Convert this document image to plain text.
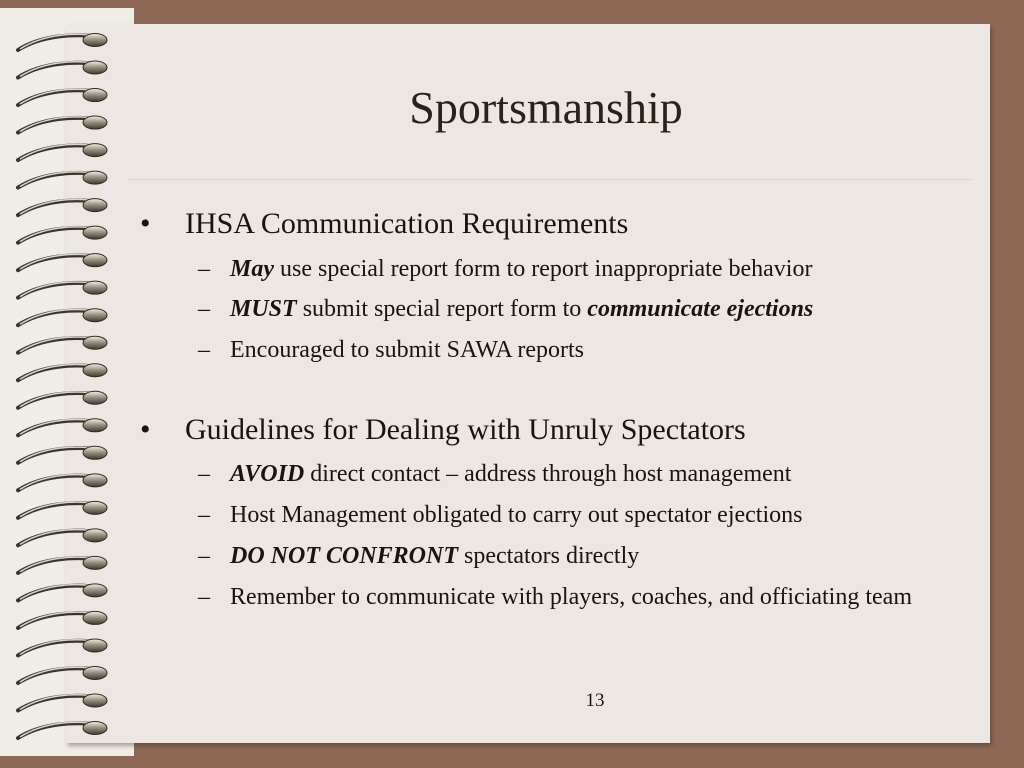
Sportsmanship
•	IHSA Communication Requirements
– May use special report form to report inappropriate behavior
– MUST submit special report form to communicate ejections
– Encouraged to submit SAWA reports
•	Guidelines for Dealing with Unruly Spectators
– AVOID direct contact – address through host management
– Host Management obligated to carry out spectator ejections
– DO NOT CONFRONT spectators directly
– Remember to communicate with players, coaches, and officiating team
13
